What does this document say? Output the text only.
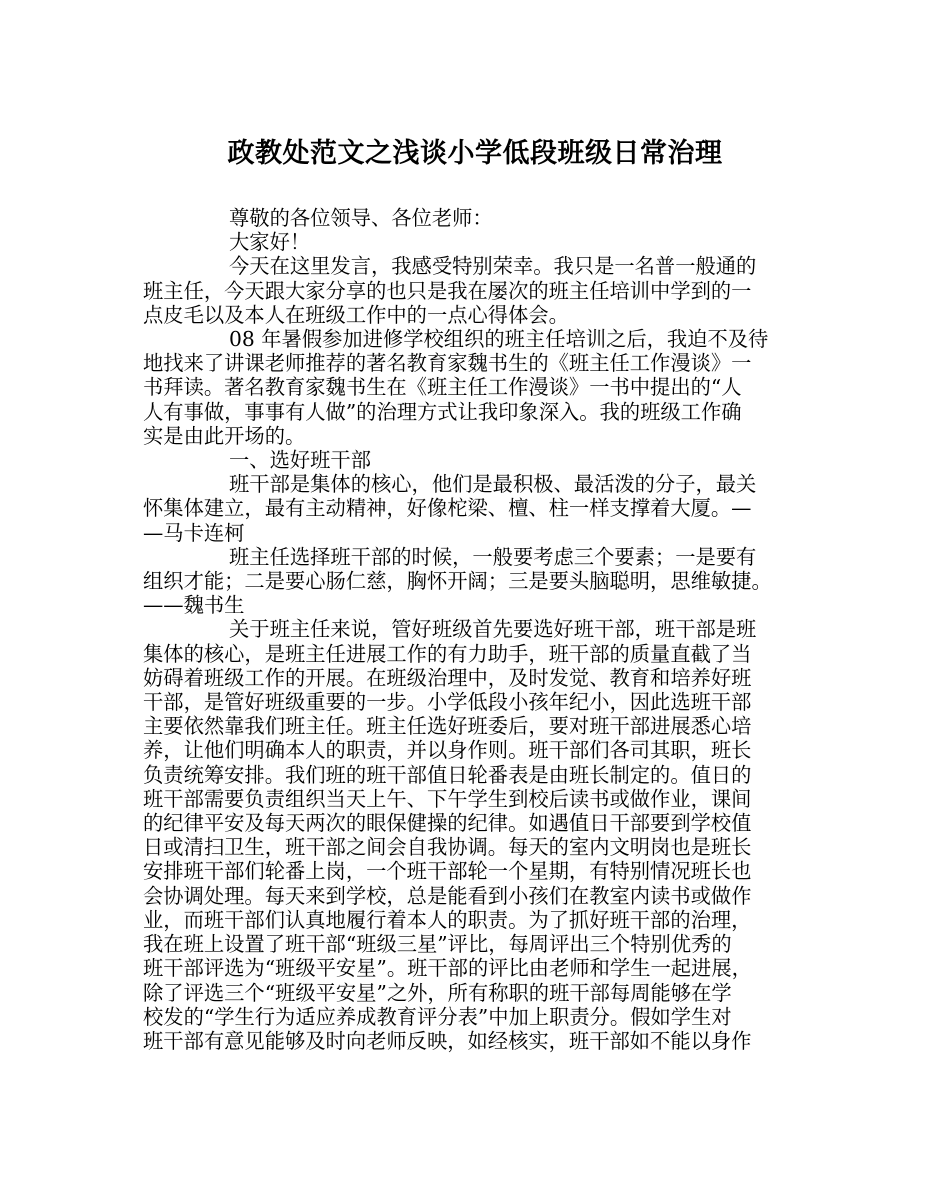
政教处范文之浅谈小学低段班级日常治理
尊敬的各位领导、各位老师：
大家好！
今天在这里发言，我感受特别荣幸。我只是一名普一般通的
班主任，今天跟大家分享的也只是我在屡次的班主任培训中学到的一
点皮毛以及本人在班级工作中的一点心得体会。
08 年暑假参加进修学校组织的班主任培训之后，我迫不及待
地找来了讲课老师推荐的著名教育家魏书生的《班主任工作漫谈》一
书拜读。著名教育家魏书生在《班主任工作漫谈》一书中提出的“人
人有事做，事事有人做”的治理方式让我印象深入。我的班级工作确
实是由此开场的。
一、选好班干部
班干部是集体的核心，他们是最积极、最活泼的分子，最关
怀集体建立，最有主动精神，好像柁梁、檀、柱一样支撑着大厦。—
—马卡连柯
班主任选择班干部的时候，一般要考虑三个要素；一是要有
组织才能；二是要心肠仁慈，胸怀开阔；三是要头脑聪明，思维敏捷。
——魏书生
关于班主任来说，管好班级首先要选好班干部，班干部是班
集体的核心，是班主任进展工作的有力助手，班干部的质量直截了当
妨碍着班级工作的开展。在班级治理中，及时发觉、教育和培养好班
干部，是管好班级重要的一步。小学低段小孩年纪小，因此选班干部
主要依然靠我们班主任。班主任选好班委后，要对班干部进展悉心培
养，让他们明确本人的职责，并以身作则。班干部们各司其职，班长
负责统筹安排。我们班的班干部值日轮番表是由班长制定的。值日的
班干部需要负责组织当天上午、下午学生到校后读书或做作业，课间
的纪律平安及每天两次的眼保健操的纪律。如遇值日干部要到学校值
日或清扫卫生，班干部之间会自我协调。每天的室内文明岗也是班长
安排班干部们轮番上岗，一个班干部轮一个星期，有特别情况班长也
会协调处理。每天来到学校，总是能看到小孩们在教室内读书或做作
业，而班干部们认真地履行着本人的职责。为了抓好班干部的治理，
我在班上设置了班干部“班级三星”评比，每周评出三个特别优秀的
班干部评选为“班级平安星”。班干部的评比由老师和学生一起进展，
除了评选三个“班级平安星”之外，所有称职的班干部每周能够在学
校发的“学生行为适应养成教育评分表”中加上职责分。假如学生对
班干部有意见能够及时向老师反映，如经核实，班干部如不能以身作
